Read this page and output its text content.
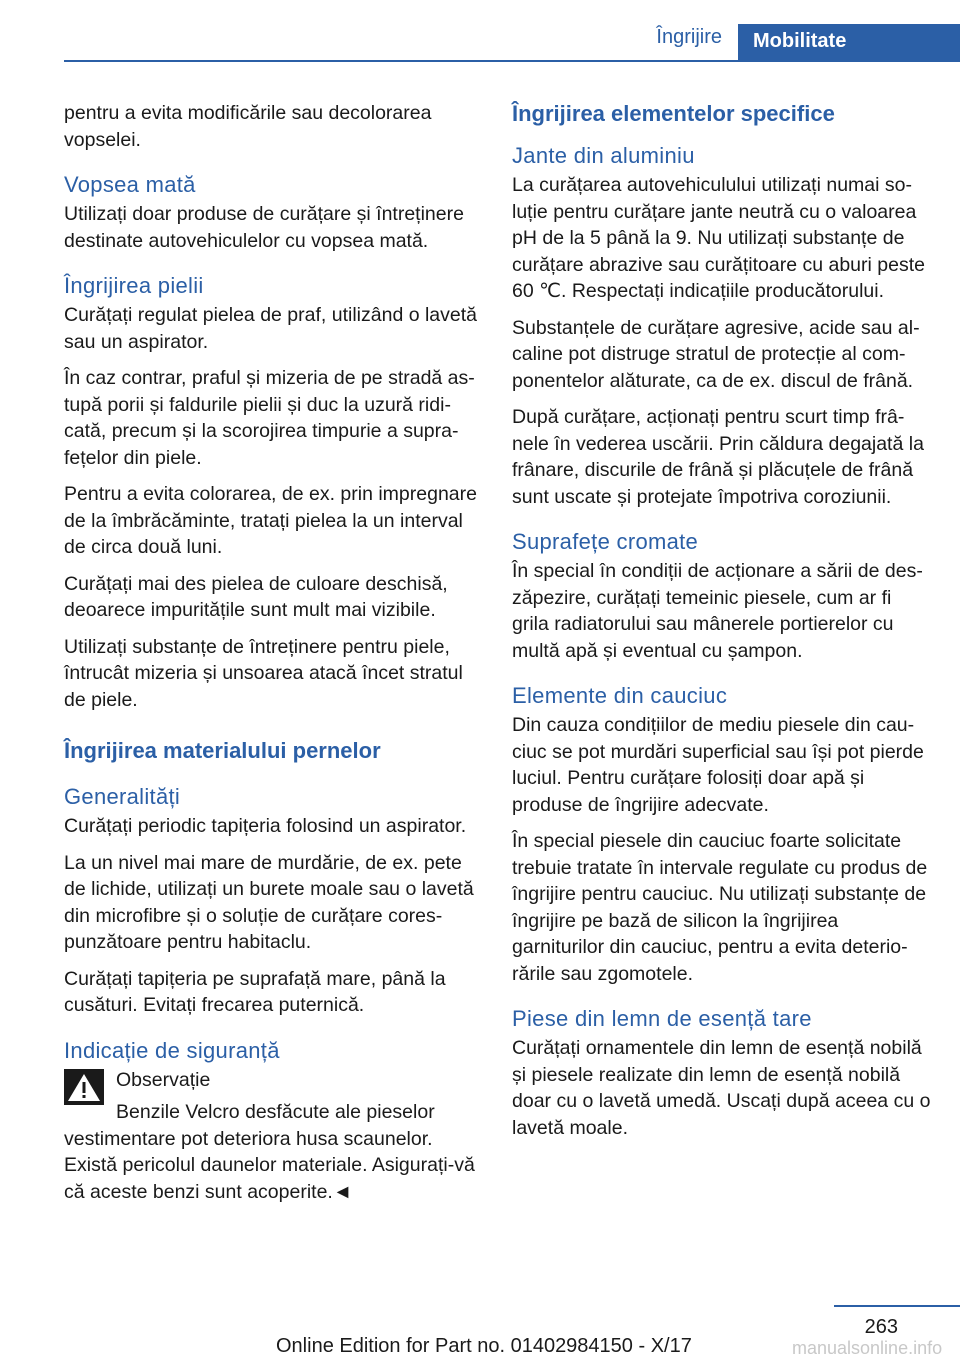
Îngrijire	Mobilitate

pentru a evita modificările sau decolorarea vopselei.

Vopsea mată

Utilizați doar produse de curățare și întreținere destinate autovehiculelor cu vopsea mată.

Îngrijirea pielii

Curățați regulat pielea de praf, utilizând o lavetă sau un aspirator.

În caz contrar, praful și mizeria de pe stradă astupă porii și faldurile pielii și duc la uzură ridicată, precum și la scorojirea timpurie a suprafețelor din piele.

Pentru a evita colorarea, de ex. prin impregnare de la îmbrăcăminte, tratați pielea la un interval de circa două luni.

Curățați mai des pielea de culoare deschisă, deoarece impuritățile sunt mult mai vizibile.

Utilizați substanțe de întreținere pentru piele, întrucât mizeria și unsoarea atacă încet stratul de piele.

Îngrijirea materialului pernelor
Generalități

Curățați periodic tapițeria folosind un aspirator.

La un nivel mai mare de murdărie, de ex. pete de lichide, utilizați un burete moale sau o lavetă din microfibre și o soluție de curățare corespunzătoare pentru habitaclu.

Curățați tapițeria pe suprafață mare, până la cusături. Evitați frecarea puternică.

Indicație de siguranță

Observație

Benzile Velcro desfăcute ale pieselor vestimentare pot deteriora husa scaunelor. Există pericolul daunelor materiale. Asigurați-vă că aceste benzi sunt acoperite.◄

Îngrijirea elementelor specifice
Jante din aluminiu

La curățarea autovehiculului utilizați numai soluție pentru curățare jante neutră cu o valoarea pH de la 5 până la 9. Nu utilizați substanțe de curățare abrazive sau curățitoare cu aburi peste 60 ℃. Respectați indicațiile producătorului.

Substanțele de curățare agresive, acide sau alcaline pot distruge stratul de protecție al componentelor alăturate, ca de ex. discul de frână.

După curățare, acționați pentru scurt timp frânele în vederea uscării. Prin căldura degajată la frânare, discurile de frână și plăcuțele de frână sunt uscate și protejate împotriva coroziunii.

Suprafețe cromate

În special în condiții de acționare a sării de deszăpezire, curățați temeinic piesele, cum ar fi grila radiatorului sau mânerele portierelor cu multă apă și eventual cu șampon.

Elemente din cauciuc

Din cauza condițiilor de mediu piesele din cauciuc se pot murdări superficial sau își pot pierde luciul. Pentru curățare folosiți doar apă și produse de îngrijire adecvate.

În special piesele din cauciuc foarte solicitate trebuie tratate în intervale regulate cu produs de îngrijire pentru cauciuc. Nu utilizați substanțe de îngrijire pe bază de silicon la îngrijirea garniturilor din cauciuc, pentru a evita deteriorările sau zgomotele.

Piese din lemn de esență tare

Curățați ornamentele din lemn de esență nobilă și piesele realizate din lemn de esență nobilă doar cu o lavetă umedă. Uscați după aceea cu o lavetă moale.

263
Online Edition for Part no. 01402984150 - X/17	manualsonline.info
